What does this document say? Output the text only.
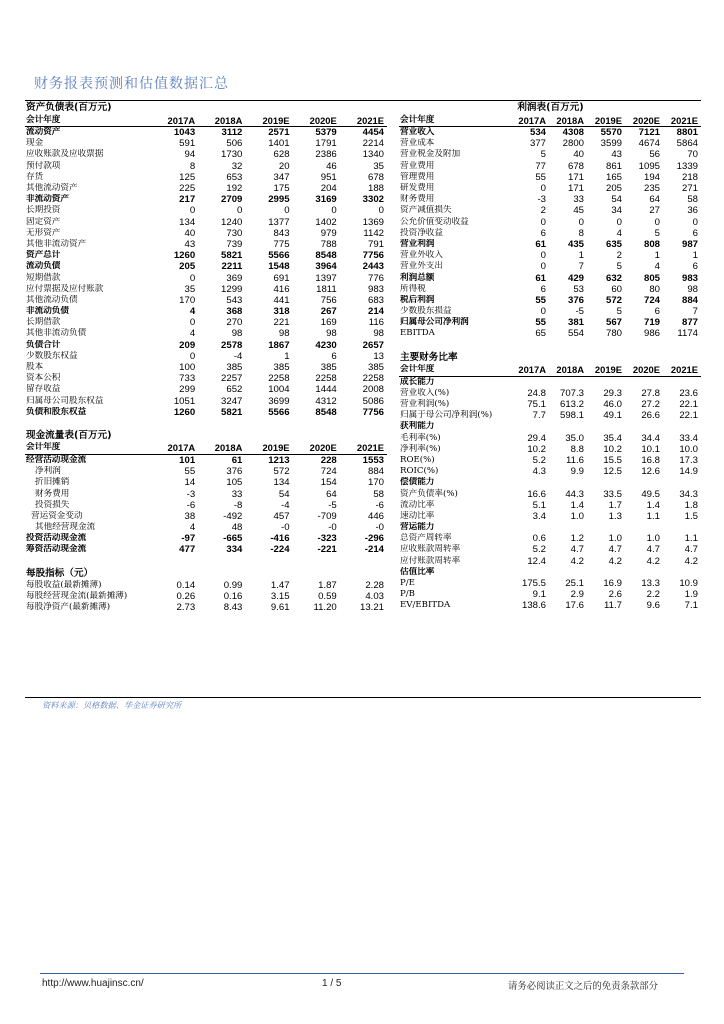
财务报表预测和估值数据汇总
资产负债表(百万元)
会计年度	2017A	2018A	2019E	2020E	2021E
流动资产	1043	3112	2571	5379	4454
现金	591	506	1401	1791	2214
应收账款及应收票据	94	1730	628	2386	1340
预付款项	8	32	20	46	35
存货	125	653	347	951	678
其他流动资产	225	192	175	204	188
非流动资产	217	2709	2995	3169	3302
长期投资	0	0	0	0	0
固定资产	134	1240	1377	1402	1369
无形资产	40	730	843	979	1142
其他非流动资产	43	739	775	788	791
资产总计	1260	5821	5566	8548	7756
流动负债	205	2211	1548	3964	2443
短期借款	0	369	691	1397	776
应付票据及应付账款	35	1299	416	1811	983
其他流动负债	170	543	441	756	683
非流动负债	4	368	318	267	214
长期借款	0	270	221	169	116
其他非流动负债	4	98	98	98	98
负债合计	209	2578	1867	4230	2657
少数股东权益	0	-4	1	6	13
股本	100	385	385	385	385
资本公积	733	2257	2258	2258	2258
留存收益	299	652	1004	1444	2008
归属母公司股东权益	1051	3247	3699	4312	5086
负债和股东权益	1260	5821	5566	8548	7756
现金流量表(百万元)
会计年度	2017A	2018A	2019E	2020E	2021E
经营活动现金流	101	61	1213	228	1553
净利润	55	376	572	724	884
折旧摊销	14	105	134	154	170
财务费用	-3	33	54	64	58
投资损失	-6	-8	-4	-5	-6
营运资金变动	38	-492	457	-709	446
其他经营现金流	4	48	-0	-0	-0
投资活动现金流	-97	-665	-416	-323	-296
筹资活动现金流	477	334	-224	-221	-214
每股指标（元）
每股收益(最新摊薄)	0.14	0.99	1.47	1.87	2.28
每股经营现金流(最新摊薄)	0.26	0.16	3.15	0.59	4.03
每股净资产(最新摊薄)	2.73	8.43	9.61	11.20	13.21
利润表(百万元)
会计年度	2017A	2018A	2019E	2020E	2021E
营业收入	534	4308	5570	7121	8801
营业成本	377	2800	3599	4674	5864
营业税金及附加	5	40	43	56	70
营业费用	77	678	861	1095	1339
管理费用	55	171	165	194	218
研发费用	0	171	205	235	271
财务费用	-3	33	54	64	58
资产减值损失	2	45	34	27	36
公允价值变动收益	0	0	0	0	0
投资净收益	6	8	4	5	6
营业利润	61	435	635	808	987
营业外收入	0	1	2	1	1
营业外支出	0	7	5	4	6
利润总额	61	429	632	805	983
所得税	6	53	60	80	98
税后利润	55	376	572	724	884
少数股东损益	0	-5	5	6	7
归属母公司净利润	55	381	567	719	877
EBITDA	65	554	780	986	1174
主要财务比率
会计年度	2017A	2018A	2019E	2020E	2021E
成长能力					
营业收入(%)	24.8	707.3	29.3	27.8	23.6
营业利润(%)	75.1	613.2	46.0	27.2	22.1
归属于母公司净利润(%)	7.7	598.1	49.1	26.6	22.1
获利能力					
毛利率(%)	29.4	35.0	35.4	34.4	33.4
净利率(%)	10.2	8.8	10.2	10.1	10.0
ROE(%)	5.2	11.6	15.5	16.8	17.3
ROIC(%)	4.3	9.9	12.5	12.6	14.9
偿债能力					
资产负债率(%)	16.6	44.3	33.5	49.5	34.3
流动比率	5.1	1.4	1.7	1.4	1.8
速动比率	3.4	1.0	1.3	1.1	1.5
营运能力					
总资产周转率	0.6	1.2	1.0	1.0	1.1
应收账款周转率	5.2	4.7	4.7	4.7	4.7
应付账款周转率	12.4	4.2	4.2	4.2	4.2
估值比率					
P/E	175.5	25.1	16.9	13.3	10.9
P/B	9.1	2.9	2.6	2.2	1.9
EV/EBITDA	138.6	17.6	11.7	9.6	7.1
资料来源：贝格数据、华金证券研究所
http://www.huajinsc.cn/	1 / 5	请务必阅读正文之后的免责条款部分
